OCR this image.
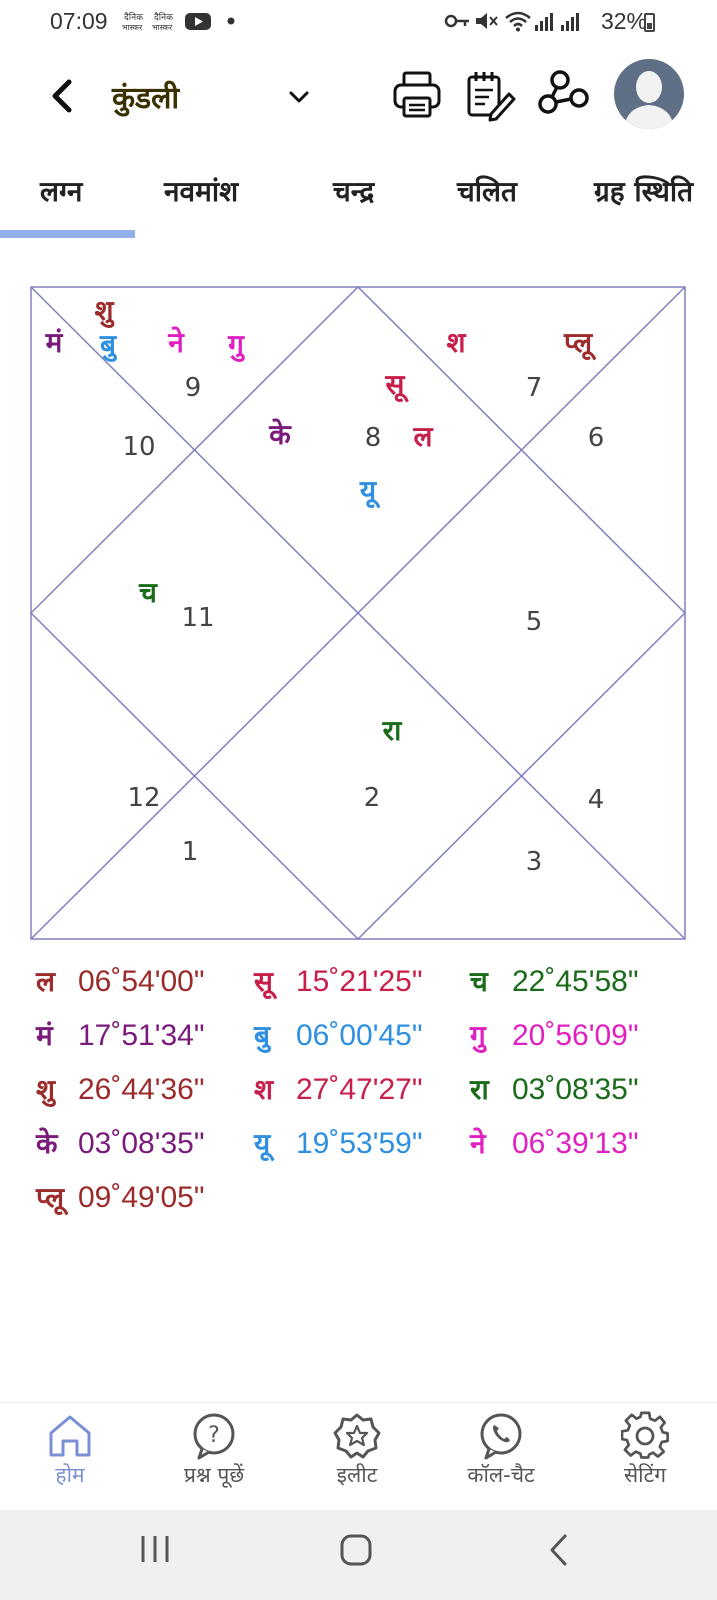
07:09 दैनिक
भास्कर
दैनिक
भास्कर	32%
कुंडली
लग्न	नवमांश	चन्द्र	चलित	ग्रह स्थिति
8
9
10
11
12
1
2
3
4
5
6
7
शु
मं बु ने गु	श	प्लू
सू
के	ल
यू
च
रा
ल 06˚54'00" सू 15˚21'25" च 22˚45'58"
मं 17˚51'34" बु 06˚00'45" गु 20˚56'09"
शु 26˚44'36" श 27˚47'27" रा 03˚08'35"
के 03˚08'35" यू 19˚53'59" ने 06˚39'13"
प्लू 09˚49'05"
होम
?
प्रश्न पूछें	इलीट	कॉल-चैट	सेटिंग
